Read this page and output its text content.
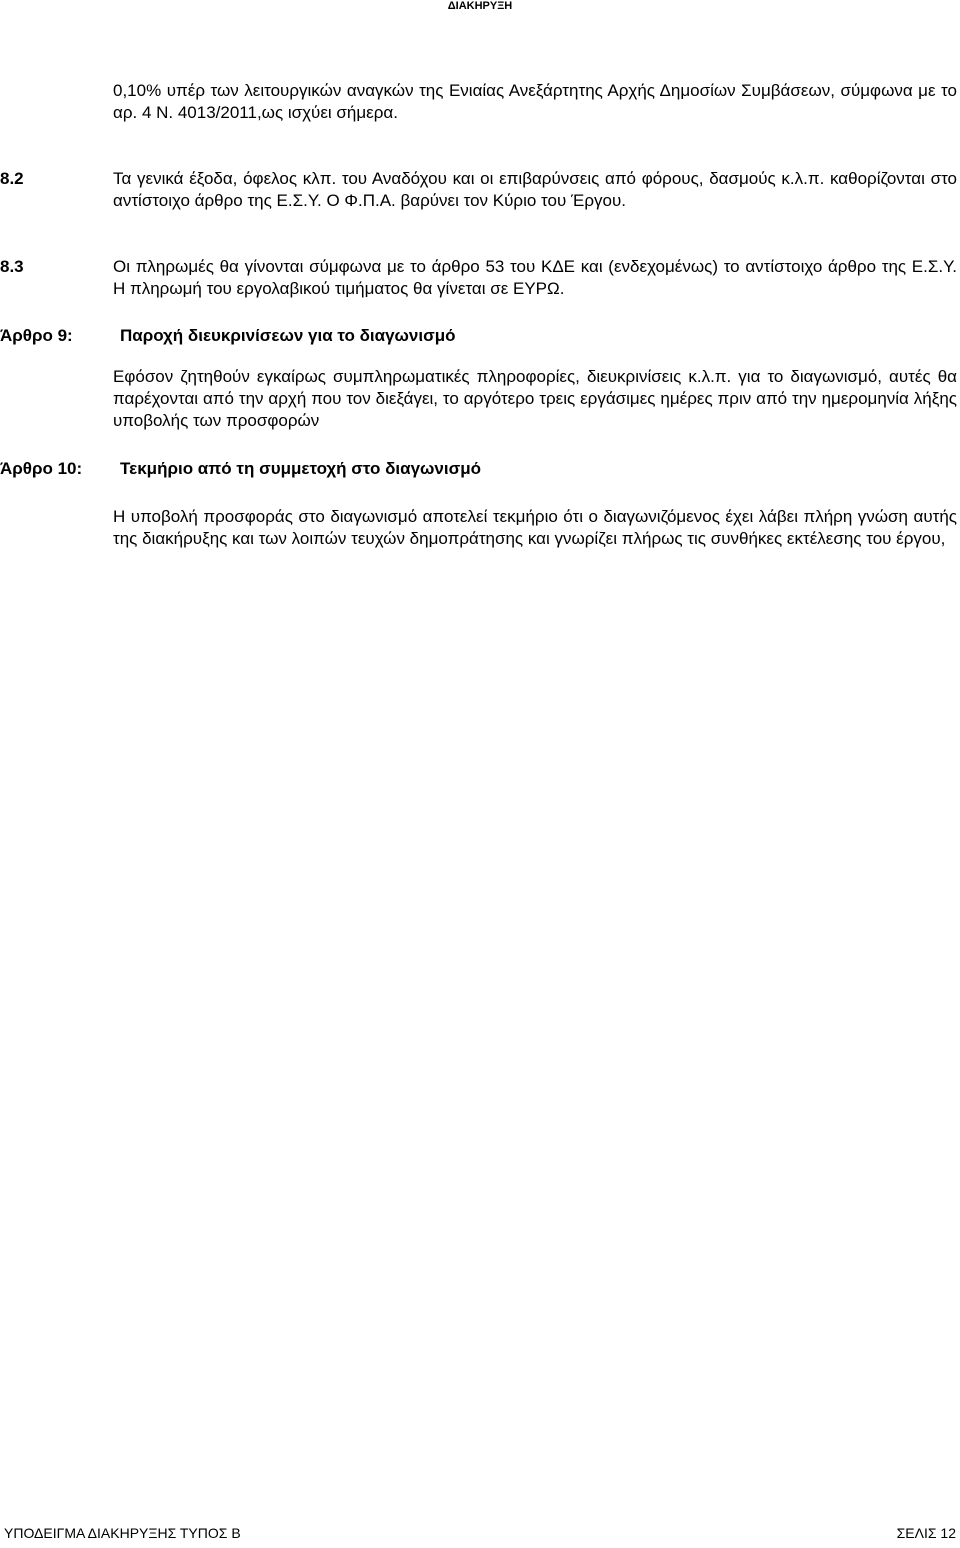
ΔΙΑΚΗΡΥΞΗ
0,10% υπέρ των λειτουργικών αναγκών της Ενιαίας Ανεξάρτητης Αρχής Δημοσίων Συμβάσεων, σύμφωνα με το αρ. 4 Ν. 4013/2011,ως ισχύει σήμερα.
8.2	Τα γενικά έξοδα, όφελος κλπ. του Αναδόχου και οι επιβαρύνσεις από φόρους, δασμούς κ.λ.π. καθορίζονται στο αντίστοιχο άρθρο της Ε.Σ.Υ. Ο Φ.Π.Α. βαρύνει τον Κύριο του Έργου.
8.3	Οι πληρωμές θα γίνονται σύμφωνα με το άρθρο 53 του ΚΔΕ και (ενδεχομένως) το αντίστοιχο άρθρο της Ε.Σ.Υ. Η πληρωμή του εργολαβικού τιμήματος θα γίνεται σε ΕΥΡΩ.
Άρθρο 9:	Παροχή διευκρινίσεων για το διαγωνισμό
Εφόσον ζητηθούν εγκαίρως συμπληρωματικές πληροφορίες, διευκρινίσεις κ.λ.π. για το διαγωνισμό, αυτές θα παρέχονται από την αρχή που τον διεξάγει, το αργότερο τρεις εργάσιμες ημέρες πριν από την ημερομηνία λήξης υποβολής των προσφορών
Άρθρο 10: Τεκμήριο από τη συμμετοχή στο διαγωνισμό
Η υποβολή προσφοράς στο διαγωνισμό αποτελεί τεκμήριο ότι ο διαγωνιζόμενος έχει λάβει πλήρη γνώση αυτής της διακήρυξης και των λοιπών τευχών δημοπράτησης και γνωρίζει πλήρως τις συνθήκες εκτέλεσης του έργου,
ΥΠΟΔΕΙΓΜΑ ΔΙΑΚΗΡΥΞΗΣ ΤΥΠΟΣ Β	ΣΕΛΙΣ 12
